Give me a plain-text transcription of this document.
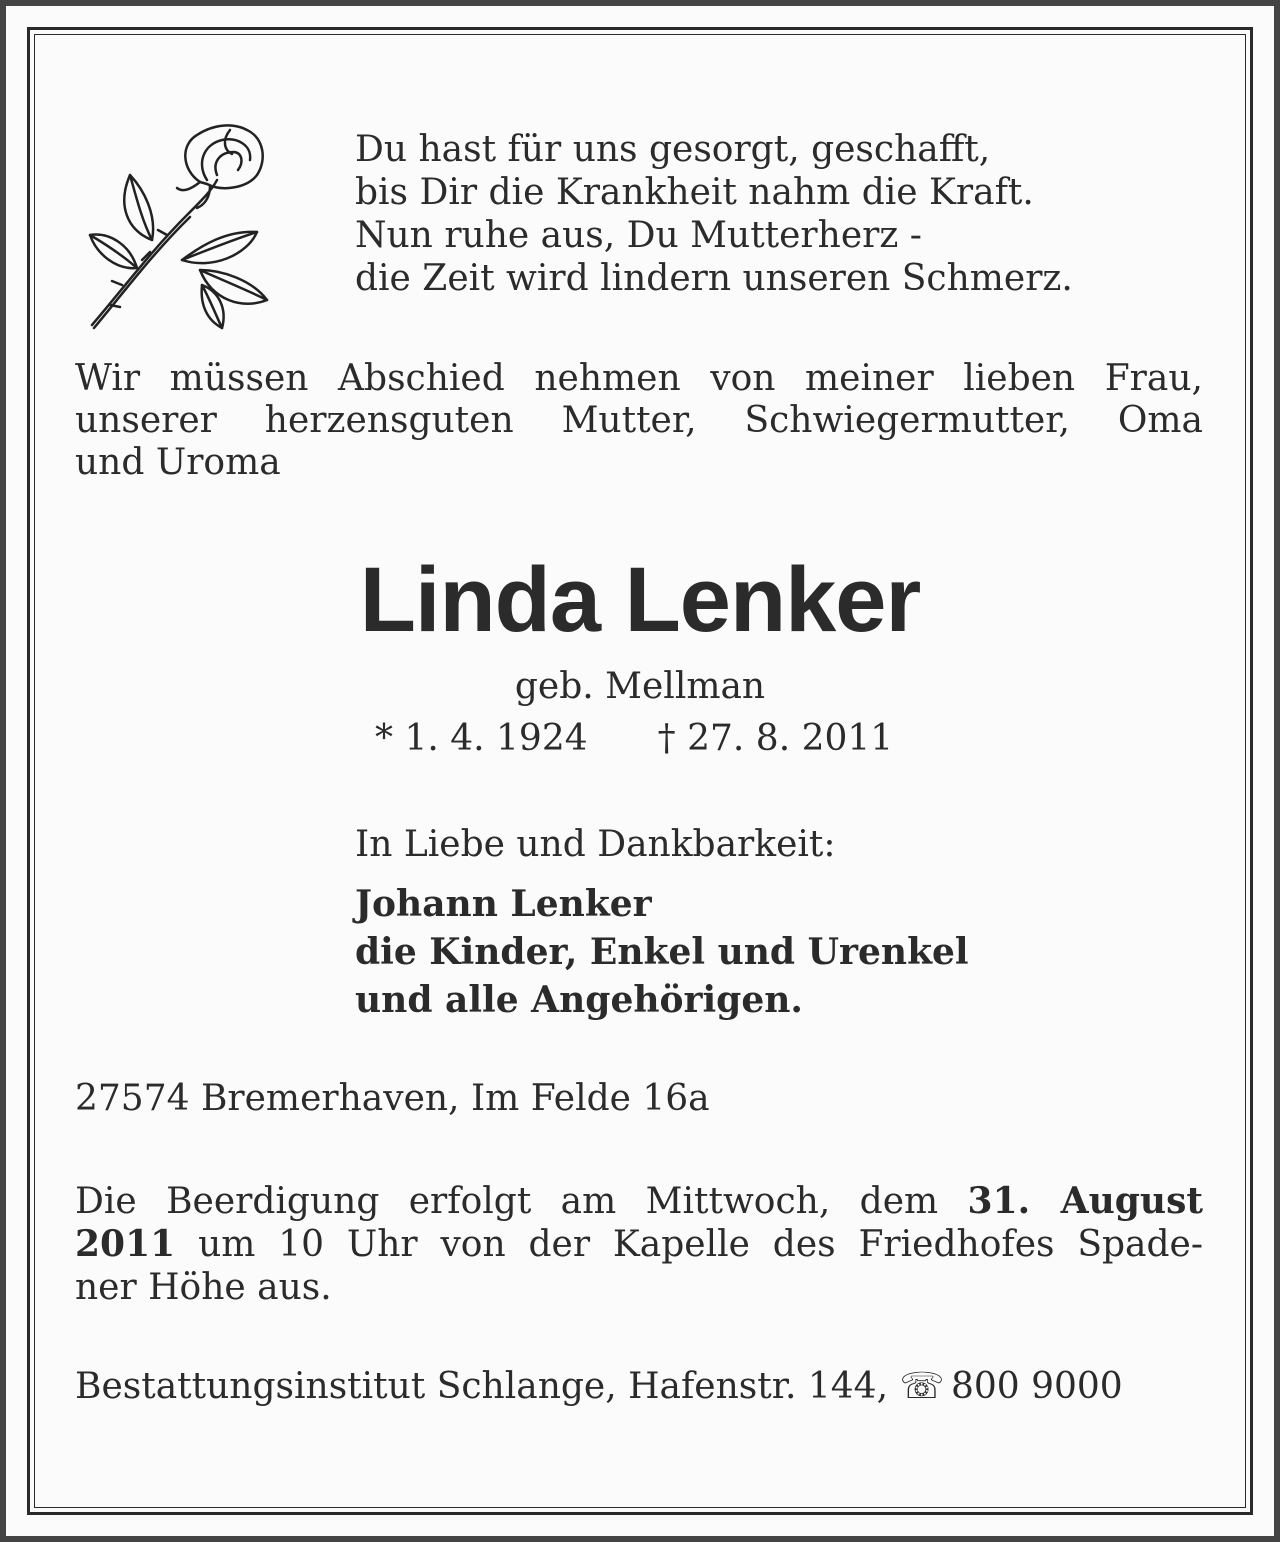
Du hast für uns gesorgt, geschafft,
bis Dir die Krankheit nahm die Kraft.
Nun ruhe aus, Du Mutterherz -
die Zeit wird lindern unseren Schmerz.
Wir müssen Abschied nehmen von meiner lieben Frau,
unserer herzensguten Mutter, Schwiegermutter, Oma
und Uroma
Linda Lenker
geb. Mellman
* 1. 4. 1924 † 27. 8. 2011
In Liebe und Dankbarkeit:
Johann Lenker
die Kinder, Enkel und Urenkel
und alle Angehörigen.
27574 Bremerhaven, Im Felde 16a
Die Beerdigung erfolgt am Mittwoch, dem 31. August
2011 um 10 Uhr von der Kapelle des Friedhofes Spade-
ner Höhe aus.
Bestattungsinstitut Schlange, Hafenstr. 144, ☏ 800 9000
